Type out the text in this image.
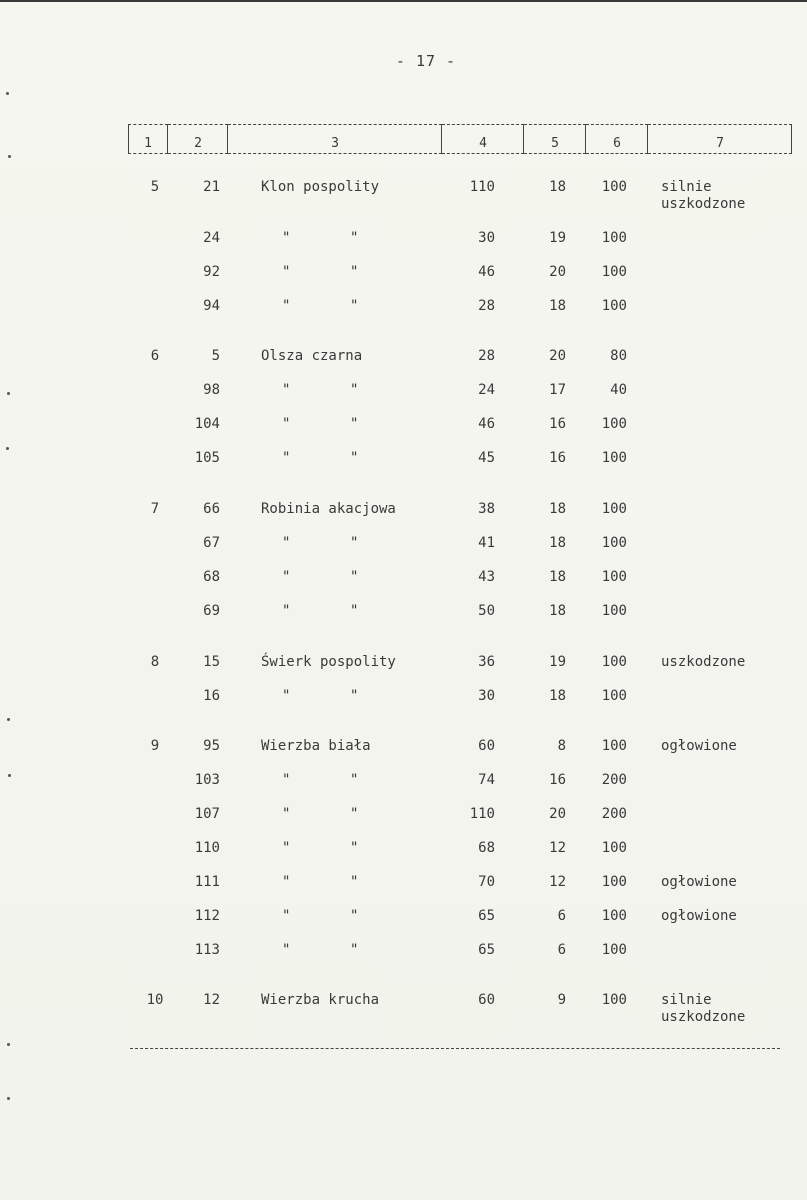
- 17 -
1	2	3	4	5	6	7
5	21	Klon pospolity	110	18	100 silnie
uszkodzone
24	"	"	30	19	100
92	"	"	46	20	100
94	"	"	28	18	100
6	5	Olsza czarna	28	20	80
98	"	"	24	17	40
104	"	"	46	16	100
105	"	"	45	16	100
7	66	Robinia akacjowa	38	18	100
67	"	"	41	18	100
68	"	"	43	18	100
69	"	"	50	18	100
8	15	Świerk pospolity	36	19	100 uszkodzone
16	"	"	30	18	100
9	95	Wierzba biała	60	8	100 ogłowione
103	"	"	74	16	200
107	"	"	110	20	200
110	"	"	68	12	100
111	"	"	70	12	100 ogłowione
112	"	"	65	6	100 ogłowione
113	"	"	65	6	100
10	12	Wierzba krucha	60	9	100 silnie
uszkodzone
